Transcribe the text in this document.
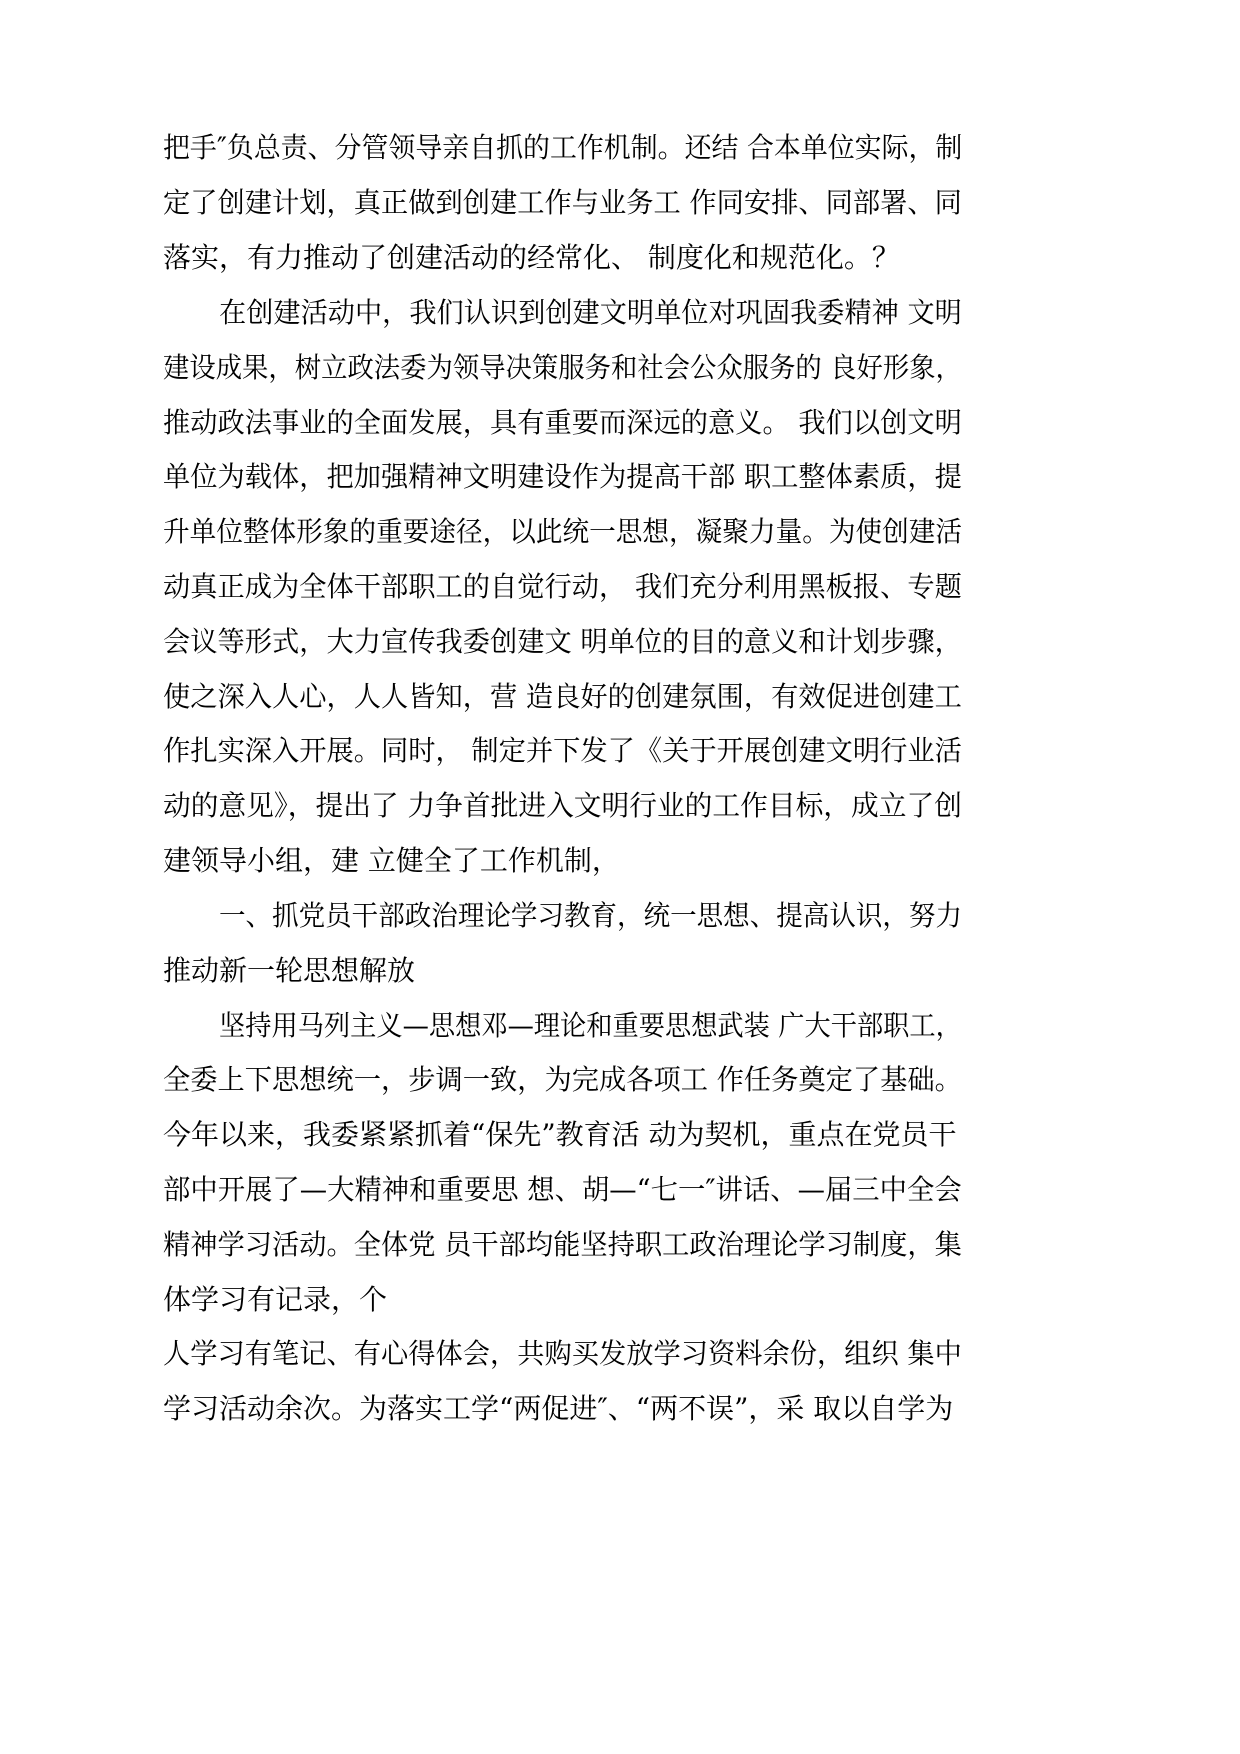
把手″负总责、分管领导亲自抓的工作机制。还结 合本单位实际，制

定了创建计划，真正做到创建工作与业务工 作同安排、同部署、同

落实，有力推动了创建活动的经常化、 制度化和规范化。？

在创建活动中，我们认识到创建文明单位对巩固我委精神 文明

建设成果，树立政法委为领导决策服务和社会公众服务的 良好形象，

推动政法事业的全面发展，具有重要而深远的意义。 我们以创文明

单位为载体，把加强精神文明建设作为提高干部 职工整体素质，提

升单位整体形象的重要途径，以此统一思想，凝聚力量。为使创建活

动真正成为全体干部职工的自觉行动， 我们充分利用黑板报、专题

会议等形式，大力宣传我委创建文 明单位的目的意义和计划步骤，

使之深入人心，人人皆知，营 造良好的创建氛围，有效促进创建工

作扎实深入开展。同时， 制定并下发了《关于开展创建文明行业活

动的意见》，提出了 力争首批进入文明行业的工作目标，成立了创

建领导小组，建 立健全了工作机制，

一、抓党员干部政治理论学习教育，统一思想、提高认识，努力

推动新一轮思想解放

坚持用马列主义—思想邓—理论和重要思想武装 广大干部职工，

全委上下思想统一，步调一致，为完成各项工 作任务奠定了基础。

今年以来，我委紧紧抓着“保先”教育活 动为契机，重点在党员干

部中开展了—大精神和重要思 想、胡—“七一″讲话、—届三中全会

精神学习活动。全体党 员干部均能坚持职工政治理论学习制度，集

体学习有记录，个

人学习有笔记、有心得体会，共购买发放学习资料余份，组织 集中

学习活动余次。为落实工学“两促进″、“两不误”，采 取以自学为
